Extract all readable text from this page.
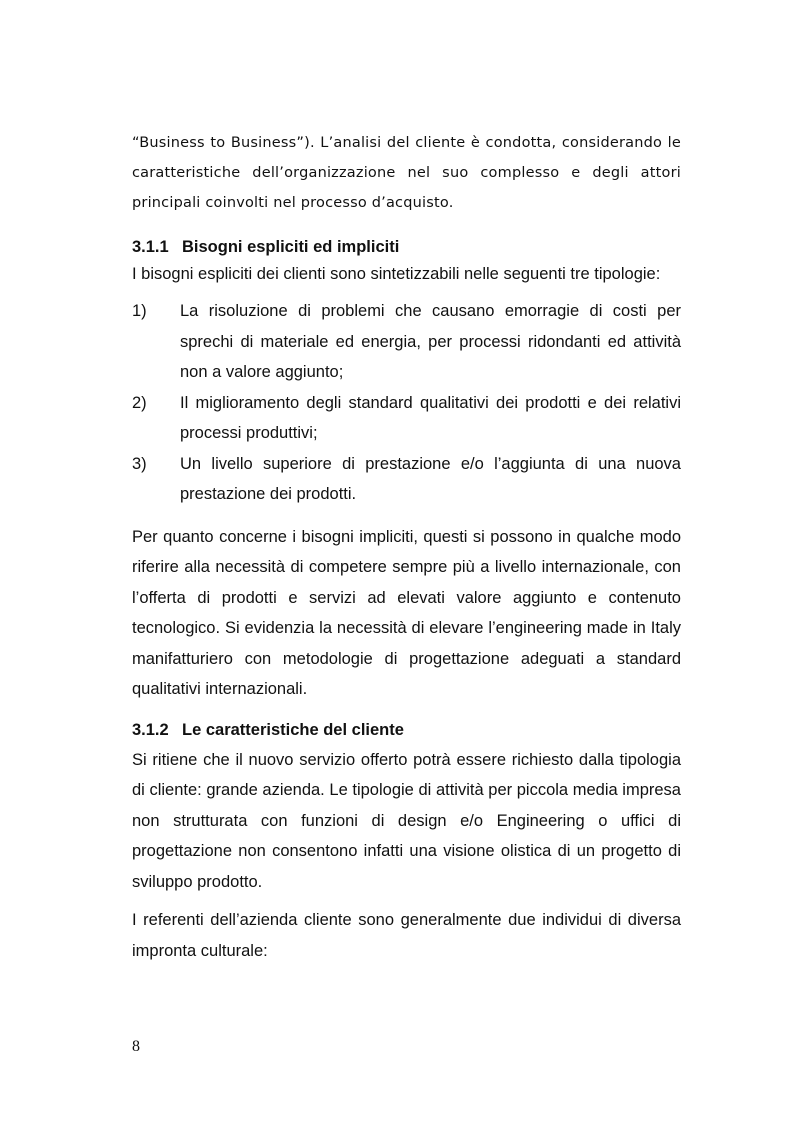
“Business to Business”). L’analisi del cliente è condotta, considerando le caratteristiche dell’organizzazione nel suo complesso e degli attori principali coinvolti nel processo d’acquisto.

3.1.1 Bisogni espliciti ed impliciti

I bisogni espliciti dei clienti sono sintetizzabili nelle seguenti tre tipologie:

1)	La risoluzione di problemi che causano emorragie di costi per sprechi di materiale ed energia, per processi ridondanti ed attività non a valore aggiunto;
2)	Il miglioramento degli standard qualitativi dei prodotti e dei relativi processi produttivi;
3)	Un livello superiore di prestazione e/o l’aggiunta di una nuova prestazione dei prodotti.

Per quanto concerne i bisogni impliciti, questi si possono in qualche modo riferire alla necessità di competere sempre più a livello internazionale, con l’offerta di prodotti e servizi ad elevati valore aggiunto e contenuto tecnologico. Si evidenzia la necessità di elevare l’engineering made in Italy manifatturiero con metodologie di progettazione adeguati a standard qualitativi internazionali.

3.1.2 Le caratteristiche del cliente

Si ritiene che il nuovo servizio offerto potrà essere richiesto dalla tipologia di cliente: grande azienda. Le tipologie di attività per piccola media impresa non strutturata con funzioni di design e/o Engineering o uffici di progettazione non consentono infatti una visione olistica di un progetto di sviluppo prodotto.

I referenti dell’azienda cliente sono generalmente due individui di diversa impronta culturale:

8
